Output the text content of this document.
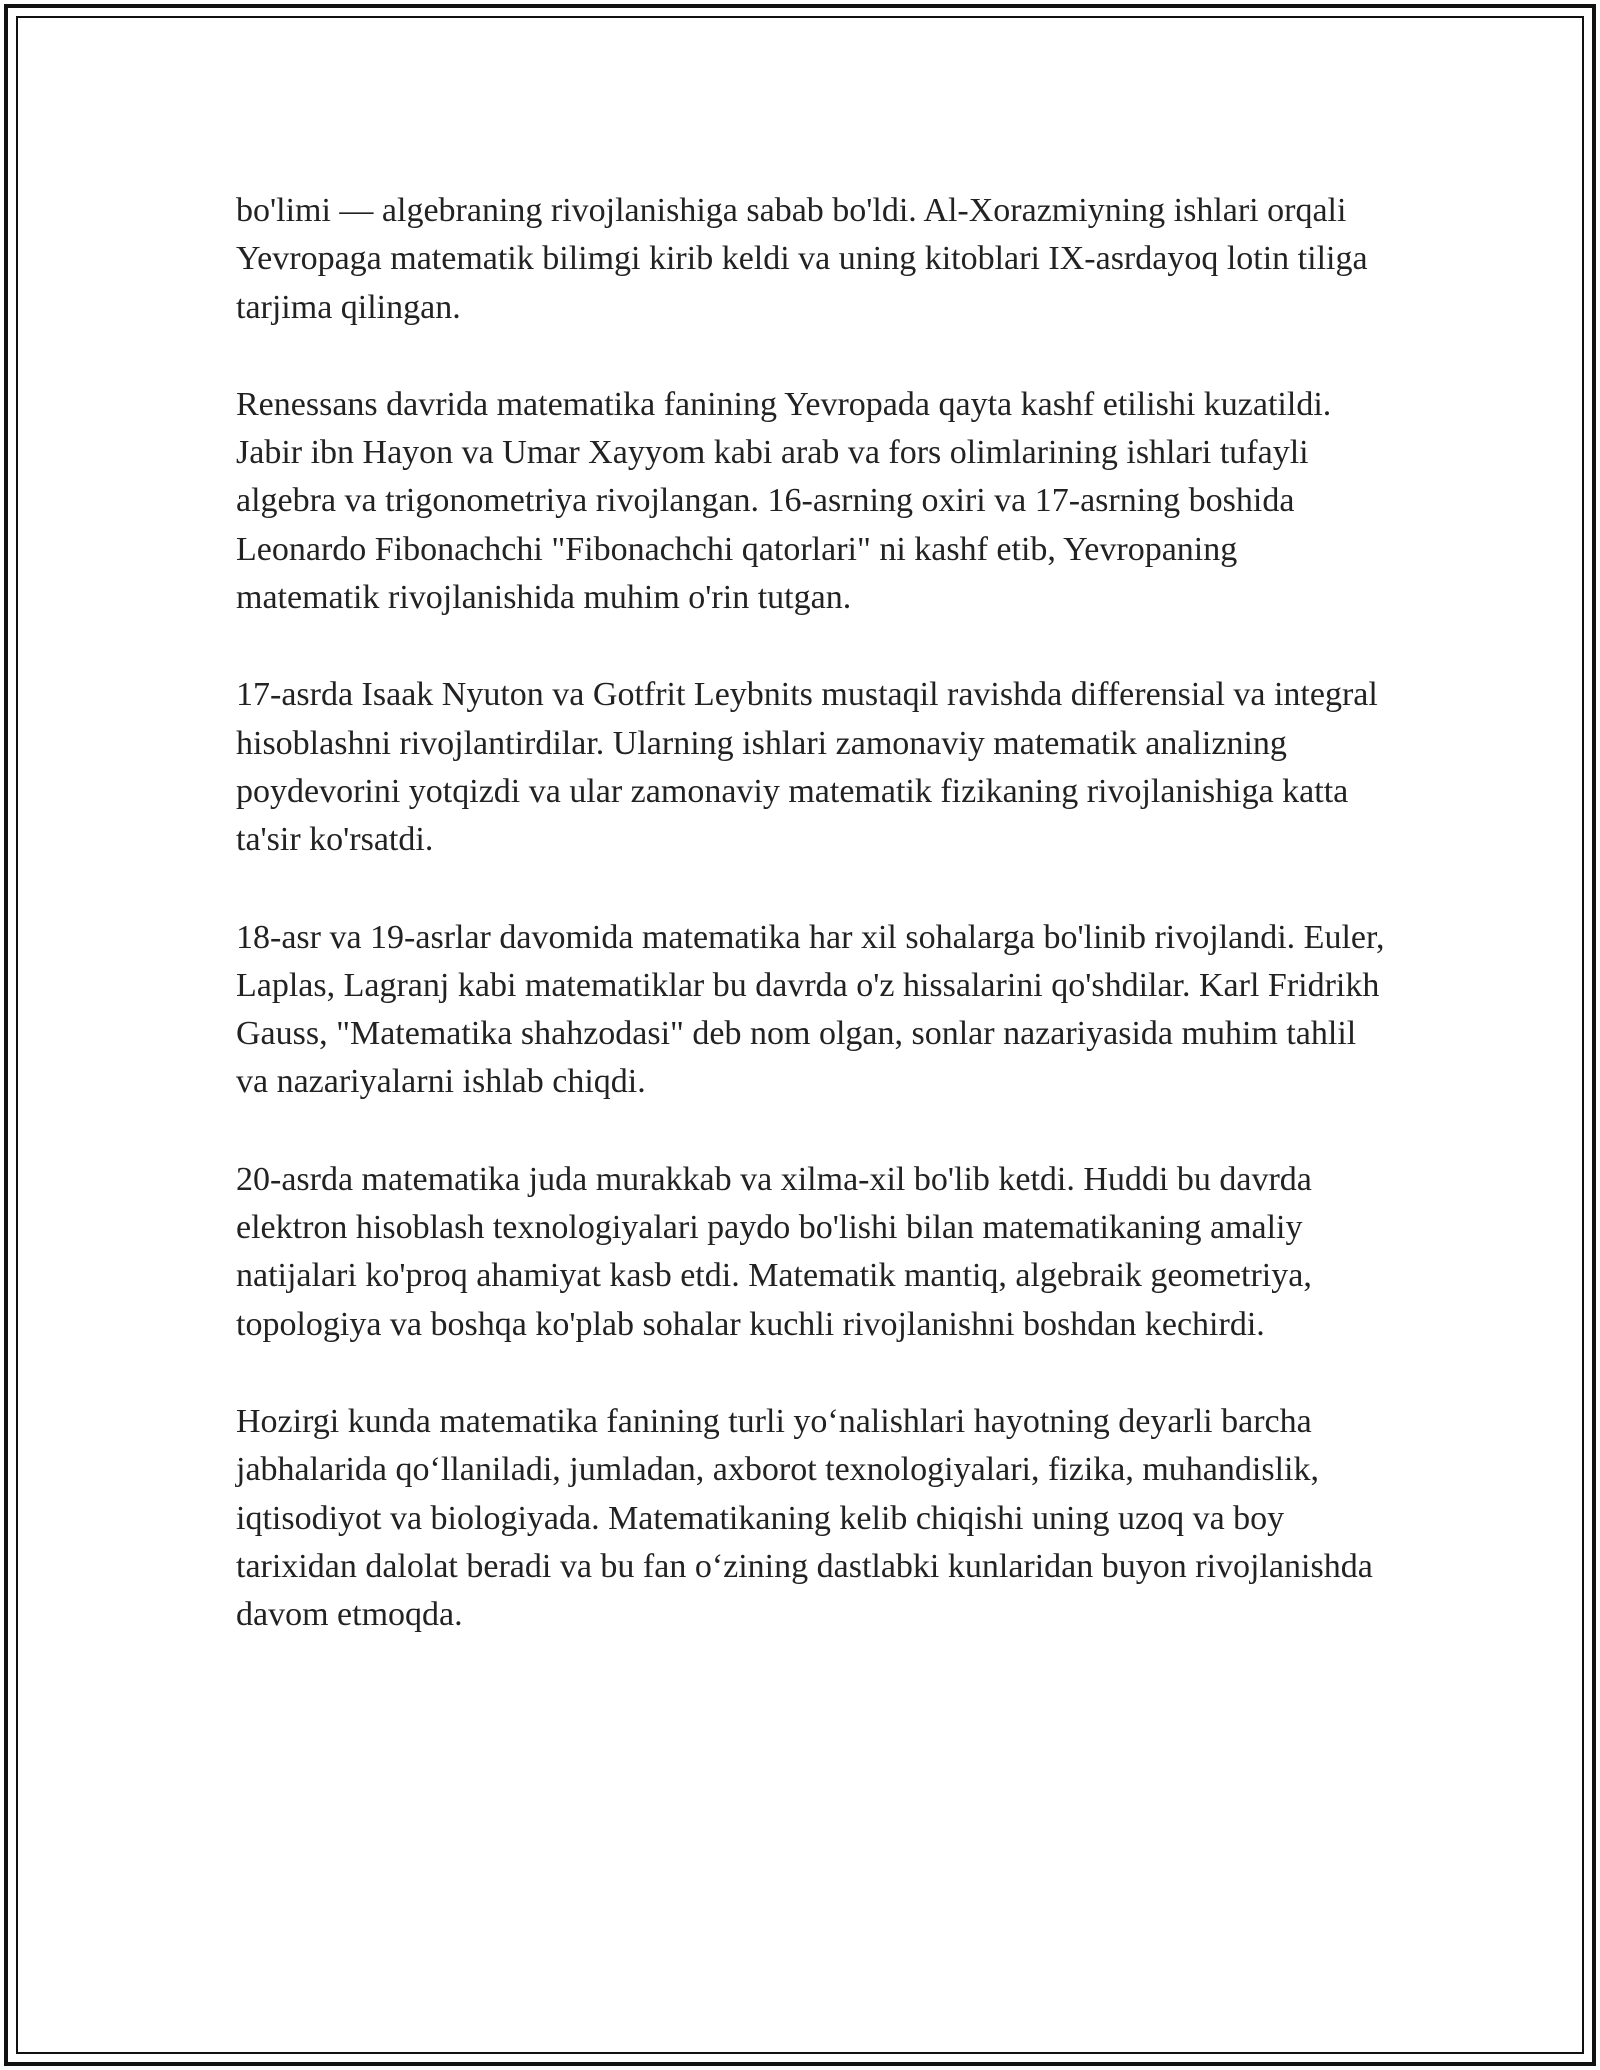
bo'limi — algebraning rivojlanishiga sabab bo'ldi. Al-Xorazmiyning ishlari orqali Yevropaga matematik bilimgi kirib keldi va uning kitoblari IX-asrdayoq lotin tiliga tarjima qilingan.

Renessans davrida matematika fanining Yevropada qayta kashf etilishi kuzatildi. Jabir ibn Hayon va Umar Xayyom kabi arab va fors olimlarining ishlari tufayli algebra va trigonometriya rivojlangan. 16-asrning oxiri va 17-asrning boshida Leonardo Fibonachchi "Fibonachchi qatorlari" ni kashf etib, Yevropaning matematik rivojlanishida muhim o'rin tutgan.

17-asrda Isaak Nyuton va Gotfrit Leybnits mustaqil ravishda differensial va integral hisoblashni rivojlantirdilar. Ularning ishlari zamonaviy matematik analizning poydevorini yotqizdi va ular zamonaviy matematik fizikaning rivojlanishiga katta ta'sir ko'rsatdi.

18-asr va 19-asrlar davomida matematika har xil sohalarga bo'linib rivojlandi. Euler, Laplas, Lagranj kabi matematiklar bu davrda o'z hissalarini qo'shdilar. Karl Fridrikh Gauss, "Matematika shahzodasi" deb nom olgan, sonlar nazariyasida muhim tahlil va nazariyalarni ishlab chiqdi.

20-asrda matematika juda murakkab va xilma-xil bo'lib ketdi. Huddi bu davrda elektron hisoblash texnologiyalari paydo bo'lishi bilan matematikaning amaliy natijalari ko'proq ahamiyat kasb etdi. Matematik mantiq, algebraik geometriya, topologiya va boshqa ko'plab sohalar kuchli rivojlanishni boshdan kechirdi.

Hozirgi kunda matematika fanining turli yo‘nalishlari hayotning deyarli barcha jabhalarida qo‘llaniladi, jumladan, axborot texnologiyalari, fizika, muhandislik, iqtisodiyot va biologiyada. Matematikaning kelib chiqishi uning uzoq va boy tarixidan dalolat beradi va bu fan o‘zining dastlabki kunlaridan buyon rivojlanishda davom etmoqda.
